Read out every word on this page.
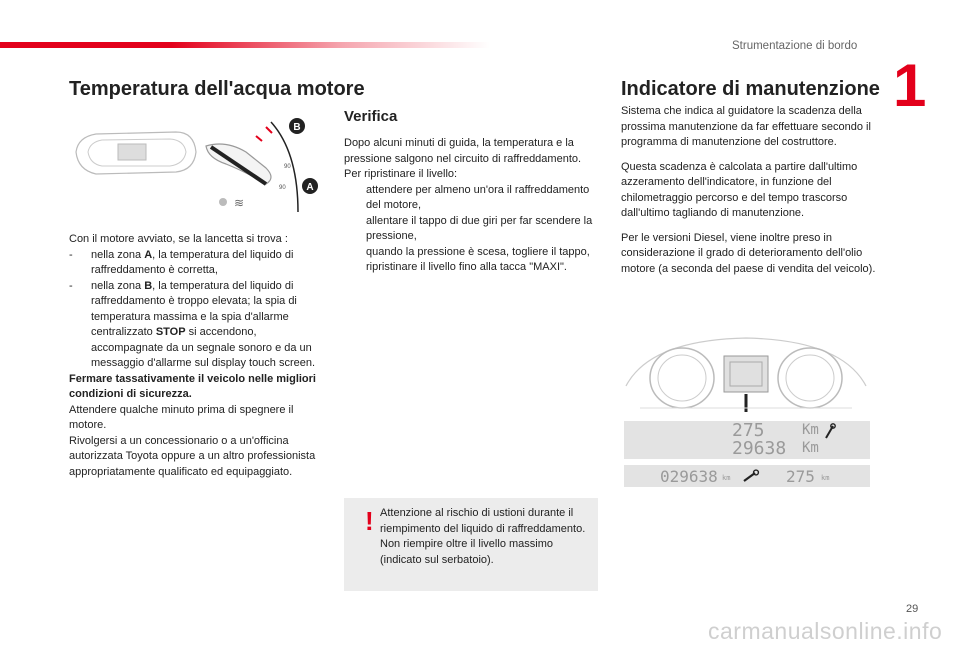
Strumentazione di bordo
1
Temperatura dell'acqua motore
≋
B
A
90
90

Con il motore avviato, se la lancetta si trova :

- nella zona A, la temperatura del liquido di raffreddamento è corretta,

- nella zona B, la temperatura del liquido di raffreddamento è troppo elevata; la spia di temperatura massima e la spia d'allarme centralizzato STOP si accendono, accompagnate da un segnale sonoro e da un messaggio d'allarme sul display touch screen.

Fermare tassativamente il veicolo nelle migliori condizioni di sicurezza.

Attendere qualche minuto prima di spegnere il motore.

Rivolgersi a un concessionario o a un'officina autorizzata Toyota oppure a un altro professionista appropriatamente qualificato ed equipaggiato.

Verifica

Dopo alcuni minuti di guida, la temperatura e la pressione salgono nel circuito di raffreddamento.

Per ripristinare il livello:

attendere per almeno un'ora il raffreddamento del motore,

allentare il tappo di due giri per far scendere la pressione,

quando la pressione è scesa, togliere il tappo,

ripristinare il livello fino alla tacca "MAXI".

! Attenzione al rischio di ustioni durante il riempimento del liquido di raffreddamento. Non riempire oltre il livello massimo (indicato sul serbatoio).
Indicatore di manutenzione

Sistema che indica al guidatore la scadenza della prossima manutenzione da far effettuare secondo il programma di manutenzione del costruttore.

Questa scadenza è calcolata a partire dall'ultimo azzeramento dell'indicatore, in funzione del chilometraggio percorso e del tempo trascorso dall'ultimo tagliando di manutenzione.

Per le versioni Diesel, viene inoltre preso in considerazione il grado di deterioramento dell'olio motore (a seconda del paese di vendita del veicolo).

275
29638
Km
Km
029638 km	275 km
29
carmanualsonline.info
